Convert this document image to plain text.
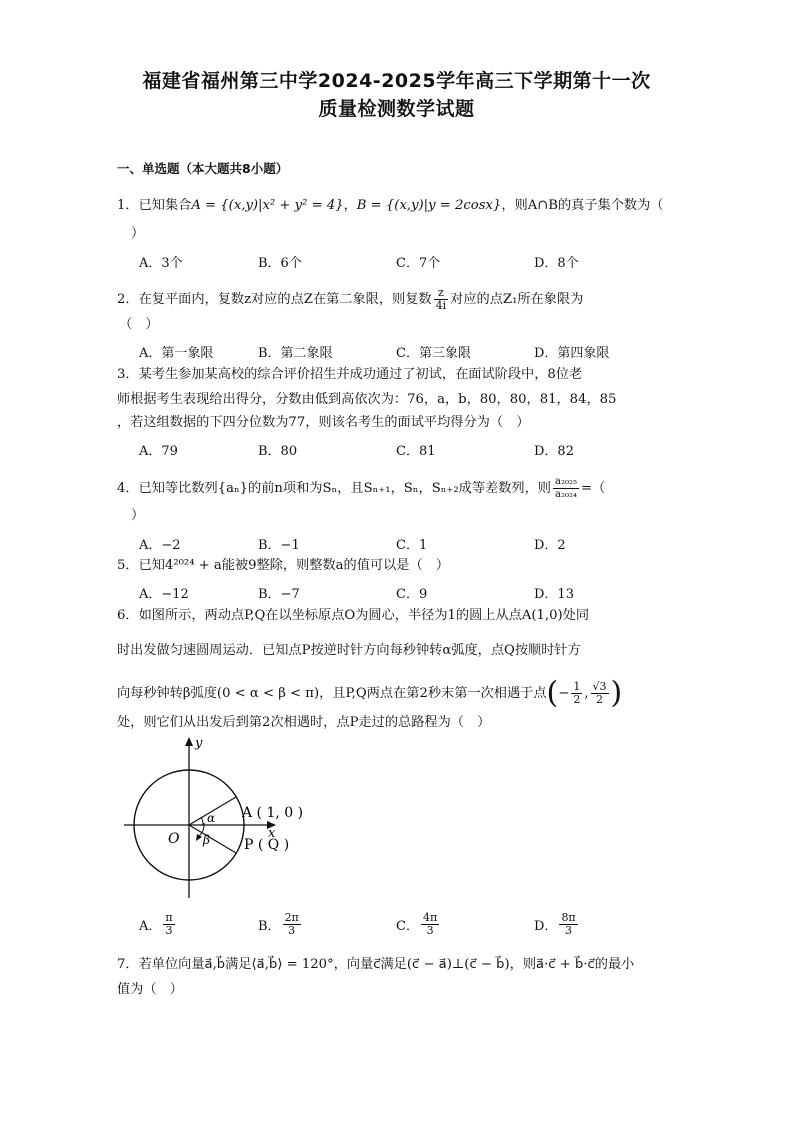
福建省福州第三中学2024-2025学年高三下学期第十一次
质量检测数学试题
一、单选题（本大题共8小题）
1．已知集合A = {(x,y)|x² + y² = 4}，B = {(x,y)|y = 2cosx}，则A∩B的真子集个数为（
）
A．3个	B．6个	C．7个	D．8个
2．在复平面内，复数z对应的点Z在第二象限，则复数 $\frac{z}{4i}$ 对应的点Z₁所在象限为
（　）
A．第一象限	B．第二象限	C．第三象限	D．第四象限
3．某考生参加某高校的综合评价招生并成功通过了初试，在面试阶段中，8位老
师根据考生表现给出得分，分数由低到高依次为：76，a，b，80，80，81，84，85
，若这组数据的下四分位数为77，则该名考生的面试平均得分为（　）
A．79	B．80	C．81	D．82
4．已知等比数列{aₙ}的前n项和为Sₙ，且Sₙ₊₁，Sₙ，Sₙ₊₂成等差数列，则 $\frac{\text{a₂₀₂₅}}{\text{a₂₀₂₄}}$ =（
）
A．−2	B．−1	C．1	D．2
5．已知4²⁰²⁴ + a能被9整除，则整数a的值可以是（　）
A．−12	B．−7	C．9	D．13
6．如图所示，两动点P,Q在以坐标原点O为圆心，半径为1的圆上从点A(1,0)处同
时出发做匀速圆周运动．已知点P按逆时针方向每秒钟转α弧度，点Q按顺时针方
向每秒钟转β弧度(0 < α < β < π)，且P,Q两点在第2秒末第一次相遇于点(− $\frac{1}{2}$ , $\frac{√3}{2}$ )
处，则它们从出发后到第2次相遇时，点P走过的总路程为（　）
y
x
O
A ( 1, 0 )
P ( Q )
α
β
A． $\frac{\pi}{3}$	B． $\frac{2\pi}{3}$	C． $\frac{4\pi}{3}$	D． $\frac{8\pi}{3}$
7．若单位向量a⃗,b⃗满足⟨a⃗,b⃗⟩ = 120°，向量c⃗满足(c⃗ − a⃗)⊥(c⃗ − b⃗)，则a⃗·c⃗ + b⃗·c⃗的最小
值为（　）
